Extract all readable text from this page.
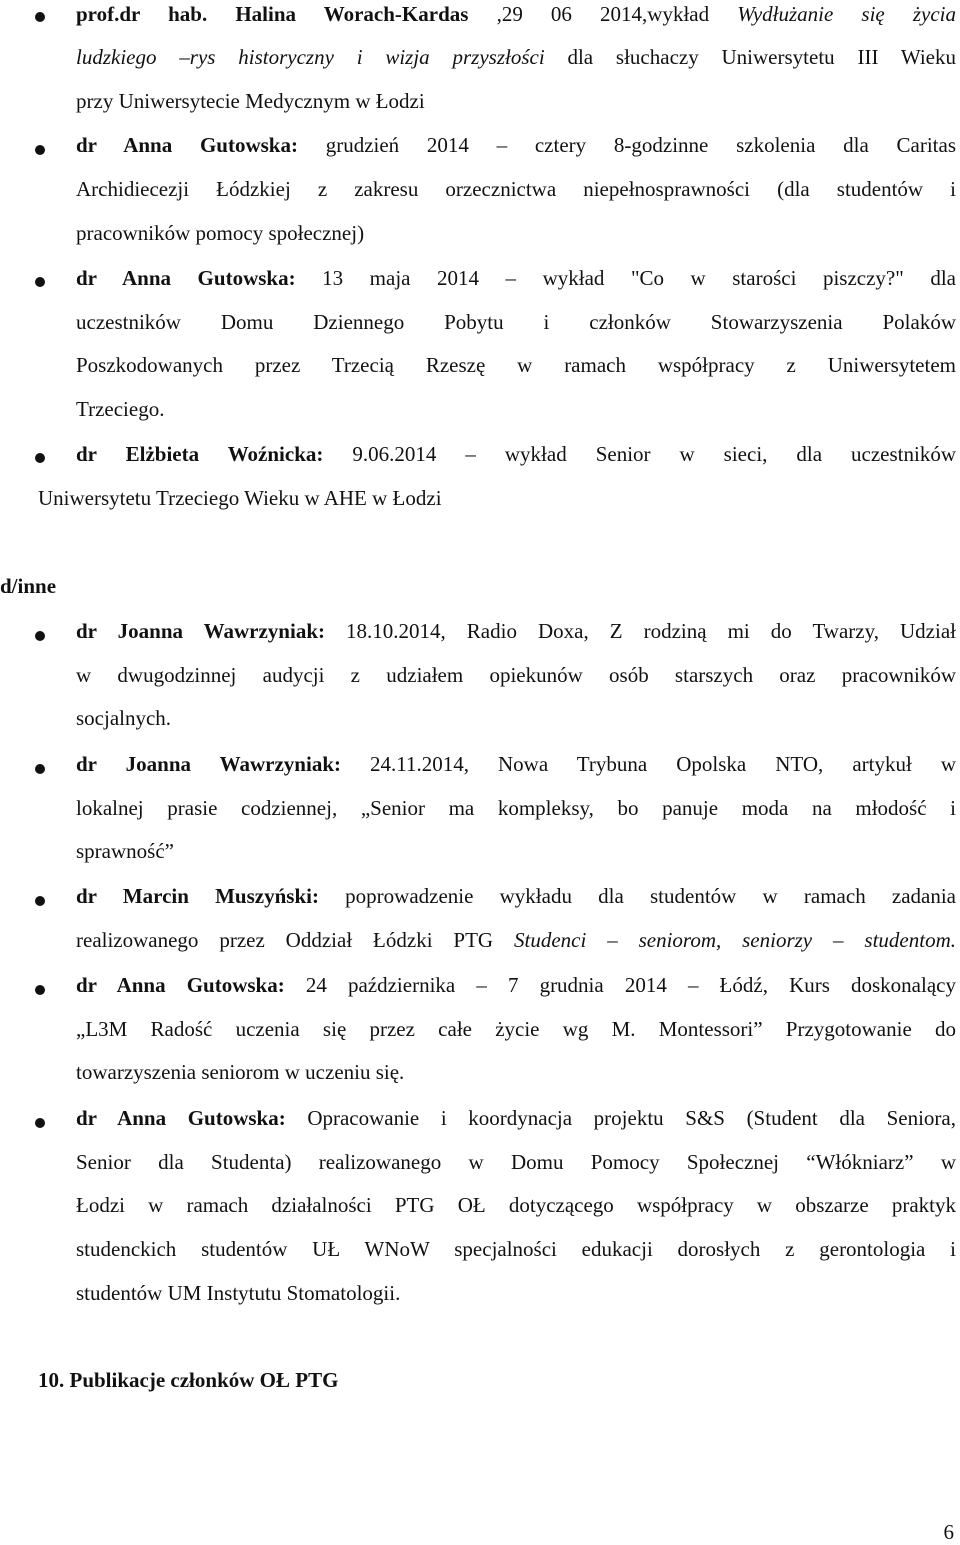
prof.dr hab. Halina Worach-Kardas ,29 06 2014,wykład Wydłużanie się życia
ludzkiego –rys historyczny i wizja przyszłości dla słuchaczy Uniwersytetu III Wieku
przy Uniwersytecie Medycznym w Łodzi
dr Anna Gutowska: grudzień 2014 – cztery 8-godzinne szkolenia dla Caritas
Archidiecezji Łódzkiej z zakresu orzecznictwa niepełnosprawności (dla studentów i
pracowników pomocy społecznej)
dr Anna Gutowska: 13 maja 2014 – wykład "Co w starości piszczy?" dla
uczestników Domu Dziennego Pobytu i członków Stowarzyszenia Polaków
Poszkodowanych przez Trzecią Rzeszę w ramach współpracy z Uniwersytetem
Trzeciego.
dr Elżbieta Woźnicka: 9.06.2014 – wykład Senior w sieci, dla uczestników
Uniwersytetu Trzeciego Wieku w AHE w Łodzi
dr Joanna Wawrzyniak: 18.10.2014, Radio Doxa, Z rodziną mi do Twarzy, Udział
w dwugodzinnej audycji z udziałem opiekunów osób starszych oraz pracowników
socjalnych.
dr Joanna Wawrzyniak: 24.11.2014, Nowa Trybuna Opolska NTO, artykuł w
lokalnej prasie codziennej, „Senior ma kompleksy, bo panuje moda na młodość i
sprawność”
dr Marcin Muszyński: poprowadzenie wykładu dla studentów w ramach zadania
realizowanego przez Oddział Łódzki PTG Studenci – seniorom, seniorzy – studentom.
dr Anna Gutowska: 24 października – 7 grudnia 2014 – Łódź, Kurs doskonalący
„L3M Radość uczenia się przez całe życie wg M. Montessori” Przygotowanie do
towarzyszenia seniorom w uczeniu się.
dr Anna Gutowska: Opracowanie i koordynacja projektu S&S (Student dla Seniora,
Senior dla Studenta) realizowanego w Domu Pomocy Społecznej “Włókniarz” w
Łodzi w ramach działalności PTG OŁ dotyczącego współpracy w obszarze praktyk
studenckich studentów UŁ WNoW specjalności edukacji dorosłych z gerontologia i
studentów UM Instytutu Stomatologii.
d/inne
10. Publikacje członków OŁ PTG
6
